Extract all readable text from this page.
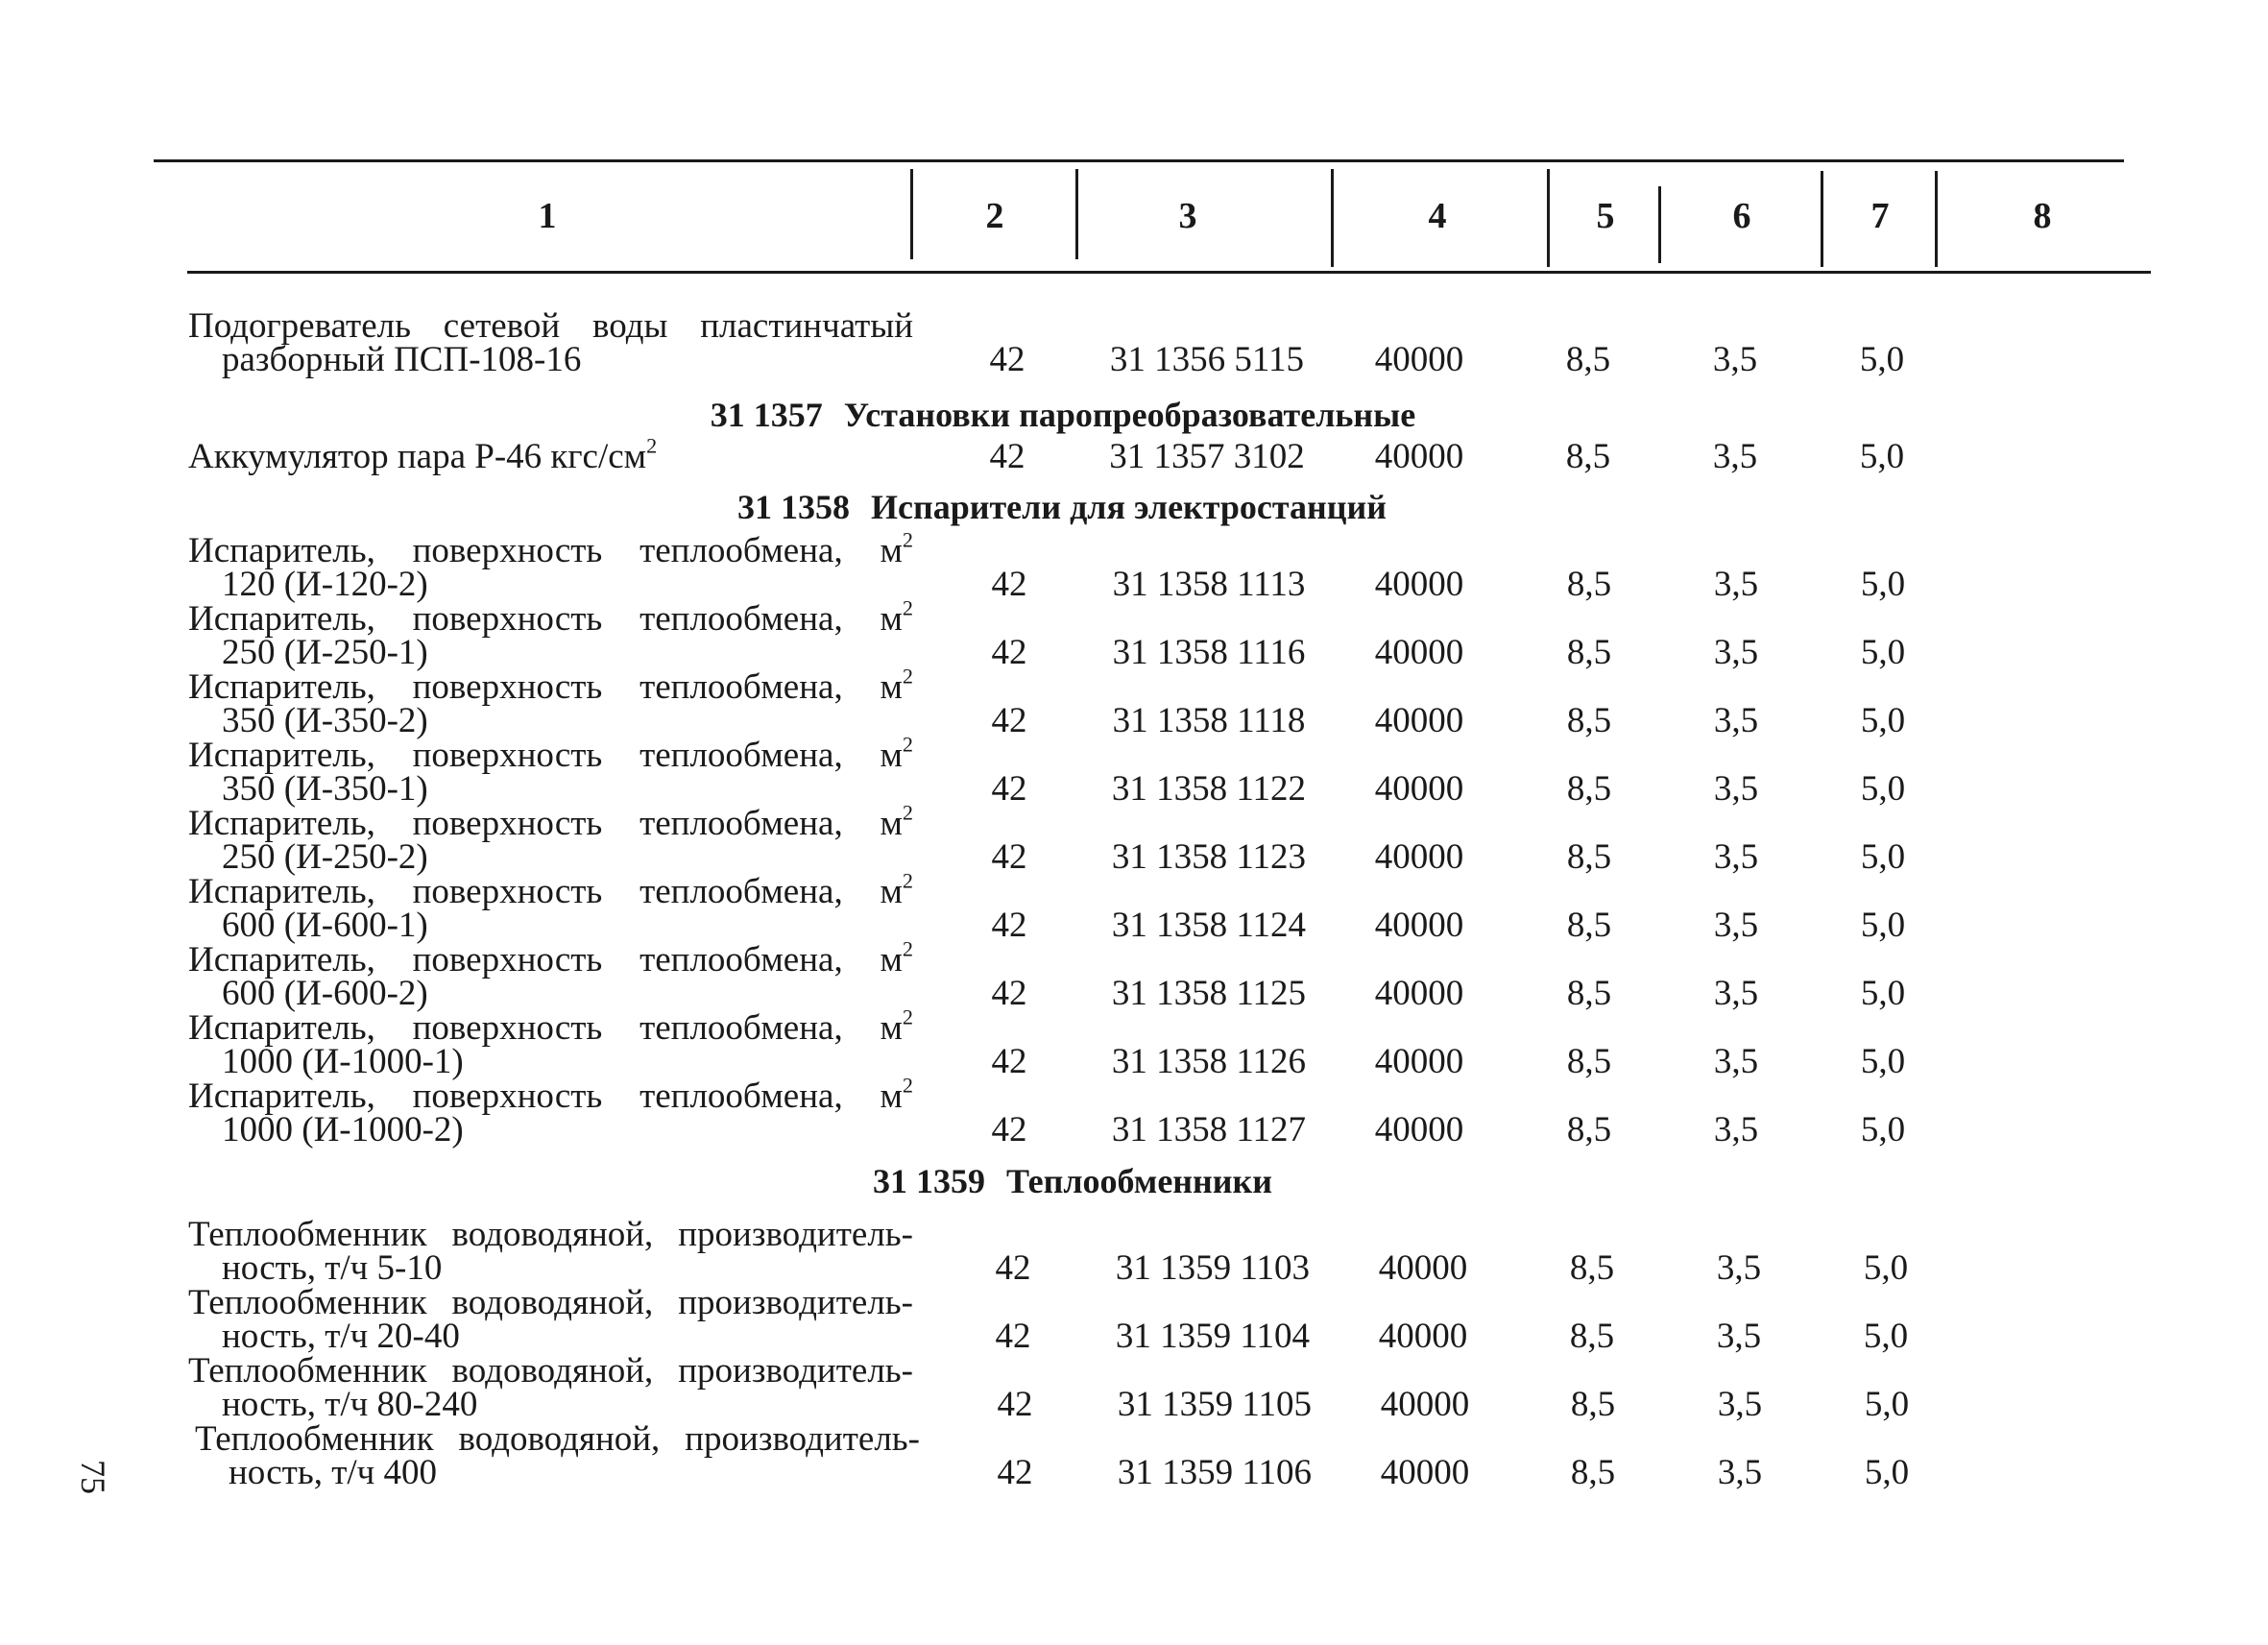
1	2	3	4	5	6	7	8
Подогреватель сетевой воды пластинчатый
разборный ПСП-108-16	42 31 1356 5115 40000	8,5	3,5	5,0
31 1357 Установки паропреобразовательные
Аккумулятор пара Р-46 кгс/$см^2$	42 31 1357 3102 40000	8,5	3,5	5,0
31 1358 Испарители для электростанций
Испаритель, поверхность теплообмена, $м^2$
120 (И-120-2)	42 31 1358 1113 40000	8,5	3,5	5,0
Испаритель, поверхность теплообмена, $м^2$
250 (И-250-1)	42 31 1358 1116 40000	8,5	3,5	5,0
Испаритель, поверхность теплообмена, $м^2$
350 (И-350-2)	42 31 1358 1118 40000	8,5	3,5	5,0
Испаритель, поверхность теплообмена, $м^2$
350 (И-350-1)	42 31 1358 1122 40000	8,5	3,5	5,0
Испаритель, поверхность теплообмена, $м^2$
250 (И-250-2)	42 31 1358 1123 40000	8,5	3,5	5,0
Испаритель, поверхность теплообмена, $м^2$
600 (И-600-1)	42 31 1358 1124 40000	8,5	3,5	5,0
Испаритель, поверхность теплообмена, $м^2$
600 (И-600-2)	42 31 1358 1125 40000	8,5	3,5	5,0
Испаритель, поверхность теплообмена, $м^2$
1000 (И-1000-1)	42 31 1358 1126 40000	8,5	3,5	5,0
Испаритель, поверхность теплообмена, $м^2$
1000 (И-1000-2)	42 31 1358 1127 40000	8,5	3,5	5,0
31 1359 Теплообменники
Теплообменник водоводяной, производитель-
ность, т/ч 5-10	42 31 1359 1103 40000	8,5	3,5	5,0
Теплообменник водоводяной, производитель-
ность, т/ч 20-40	42 31 1359 1104 40000	8,5	3,5	5,0
Теплообменник водоводяной, производитель-
ность, т/ч 80-240	42 31 1359 1105 40000	8,5	3,5	5,0
Теплообменник водоводяной, производитель-
ность, т/ч 400	42 31 1359 1106 40000	8,5	3,5	5,0
75
